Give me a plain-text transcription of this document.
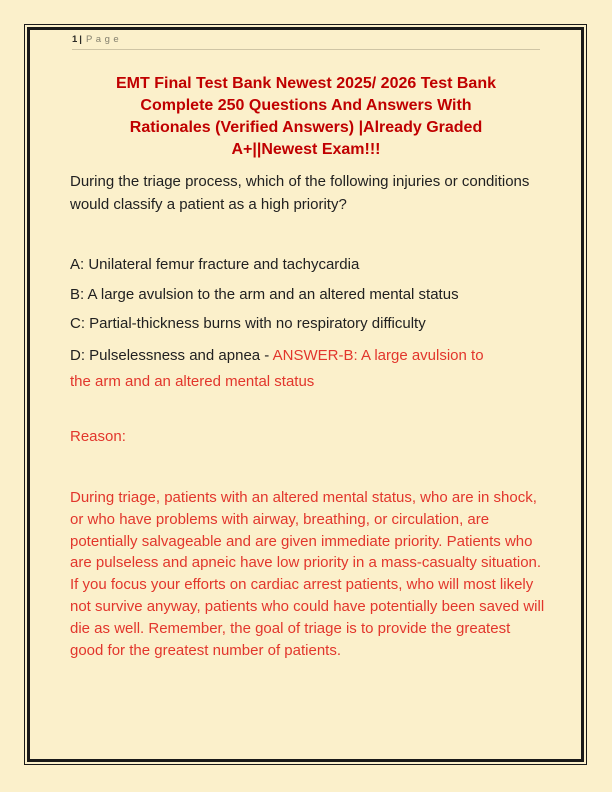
1 | Page
EMT Final Test Bank Newest 2025/ 2026 Test Bank
Complete 250 Questions And Answers With
Rationales (Verified Answers) |Already Graded
A+||Newest Exam!!!
During the triage process, which of the following injuries or conditions would classify a patient as a high priority?
A: Unilateral femur fracture and tachycardia
B: A large avulsion to the arm and an altered mental status
C: Partial-thickness burns with no respiratory difficulty
D: Pulselessness and apnea - ANSWER-B: A large avulsion to the arm and an altered mental status
Reason:
During triage, patients with an altered mental status, who are in shock, or who have problems with airway, breathing, or circulation, are potentially salvageable and are given immediate priority. Patients who are pulseless and apneic have low priority in a mass-casualty situation. If you focus your efforts on cardiac arrest patients, who will most likely not survive anyway, patients who could have potentially been saved will die as well. Remember, the goal of triage is to provide the greatest good for the greatest number of patients.
